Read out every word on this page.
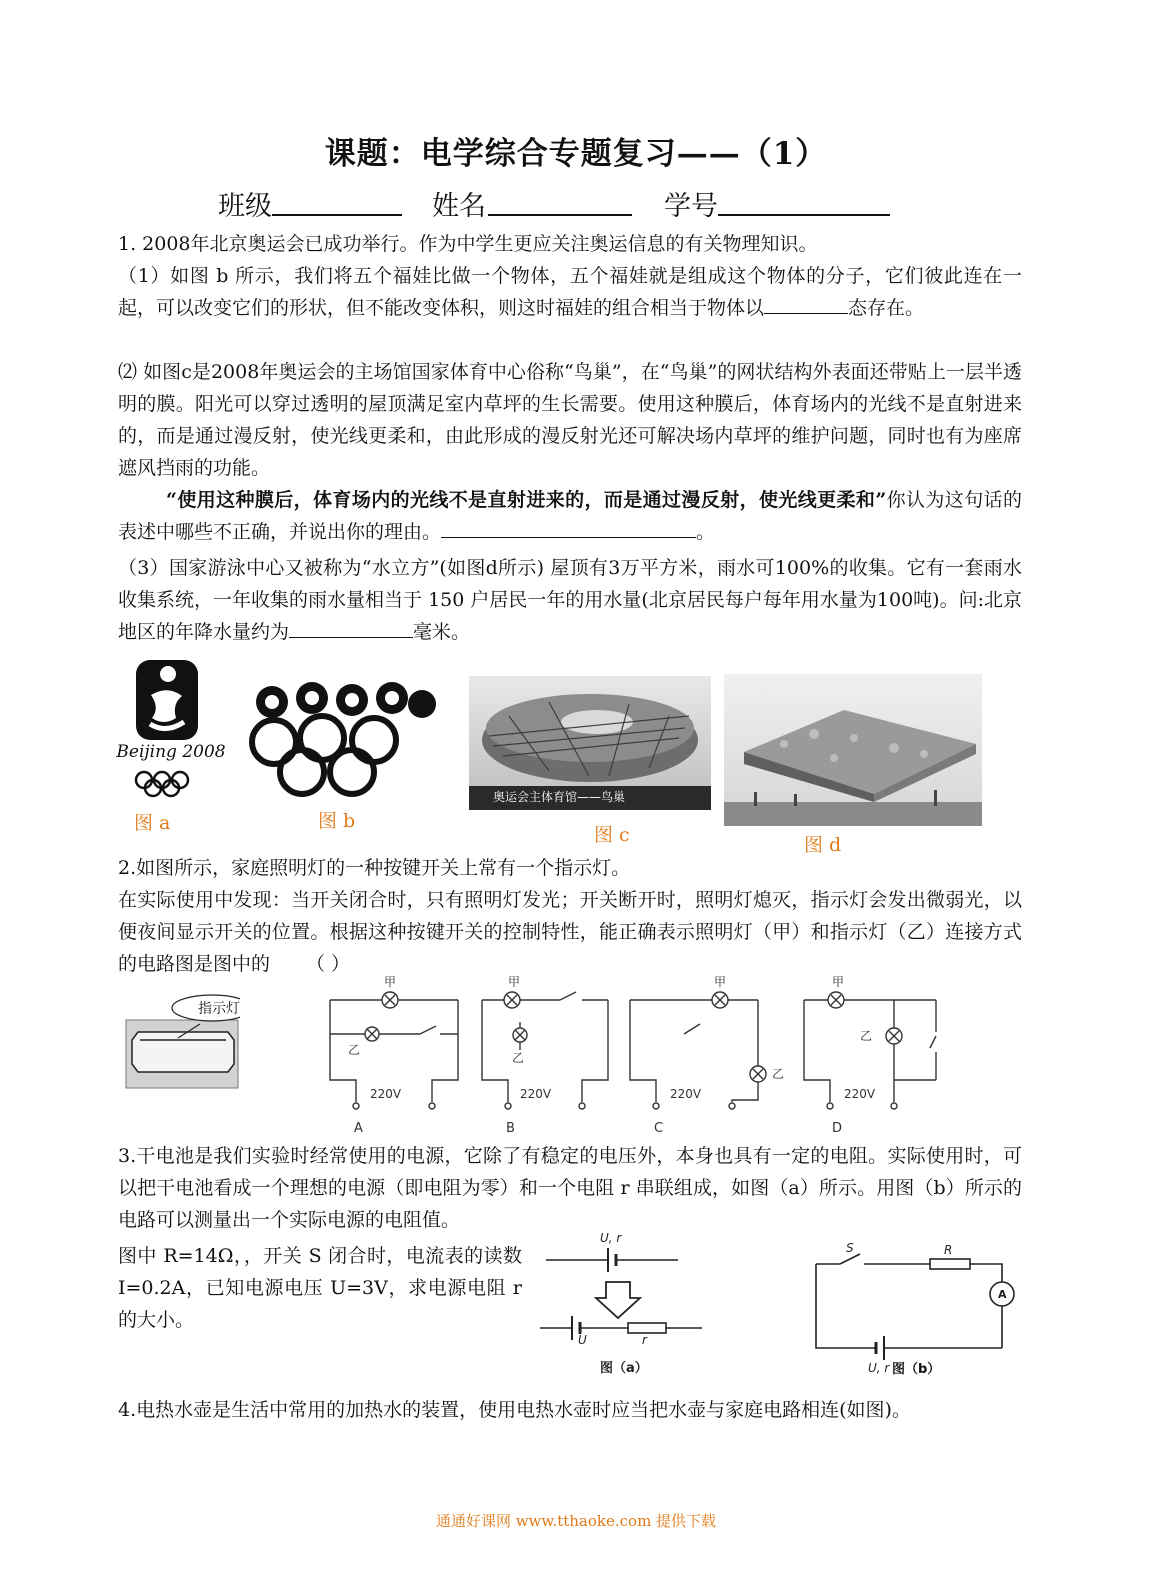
课题：电学综合专题复习——（1）
班级	姓名	学号
1. 2008年北京奥运会已成功举行。作为中学生更应关注奥运信息的有关物理知识。
（1）如图 b 所示，我们将五个福娃比做一个物体，五个福娃就是组成这个物体的分子，它们彼此连在一起，可以改变它们的形状，但不能改变体积，则这时福娃的组合相当于物体以	态存在。
⑵ 如图c是2008年奥运会的主场馆国家体育中心俗称“鸟巢”，在“鸟巢”的网状结构外表面还带贴上一层半透明的膜。阳光可以穿过透明的屋顶满足室内草坪的生长需要。使用这种膜后，体育场内的光线不是直射进来的，而是通过漫反射，使光线更柔和，由此形成的漫反射光还可解决场内草坪的维护问题，同时也有为座席遮风挡雨的功能。
“使用这种膜后，体育场内的光线不是直射进来的，而是通过漫反射，使光线更柔和”你认为这句话的表述中哪些不正确，并说出你的理由。	。
（3）国家游泳中心又被称为“水立方”(如图d所示) 屋顶有3万平方米，雨水可100%的收集。它有一套雨水收集系统，一年收集的雨水量相当于 150 户居民一年的用水量(北京居民每户每年用水量为100吨)。问:北京地区的年降水量约为	毫米。
Beijing 2008
图 a	图 b
奥运会主体育馆——鸟巢
图 c	图 d
2.如图所示，家庭照明灯的一种按键开关上常有一个指示灯。
在实际使用中发现：当开关闭合时，只有照明灯发光；开关断开时，照明灯熄灭，指示灯会发出微弱光，以便夜间显示开关的位置。根据这种按键开关的控制特性，能正确表示照明灯（甲）和指示灯（乙）连接方式的电路图是图中的 （ ）
指示灯
甲
乙
220V
甲
乙
220V
甲
乙
220V
甲
乙
220V
A	B	C	D
3.干电池是我们实验时经常使用的电源，它除了有稳定的电压外，本身也具有一定的电阻。实际使用时，可以把干电池看成一个理想的电源（即电阻为零）和一个电阻 r 串联组成，如图（a）所示。用图（b）所示的电路可以测量出一个实际电源的电阻值。
图中 R=14Ω，，开关 S 闭合时，电流表的读数 I=0.2A，已知电源电压 U=3V，求电源电阻 r 的大小。
U, r
U	r
图（a）
S	R
U, r
A
图（b）
4.电热水壶是生活中常用的加热水的装置，使用电热水壶时应当把水壶与家庭电路相连(如图)。
通通好课网 www.tthaoke.com 提供下载
